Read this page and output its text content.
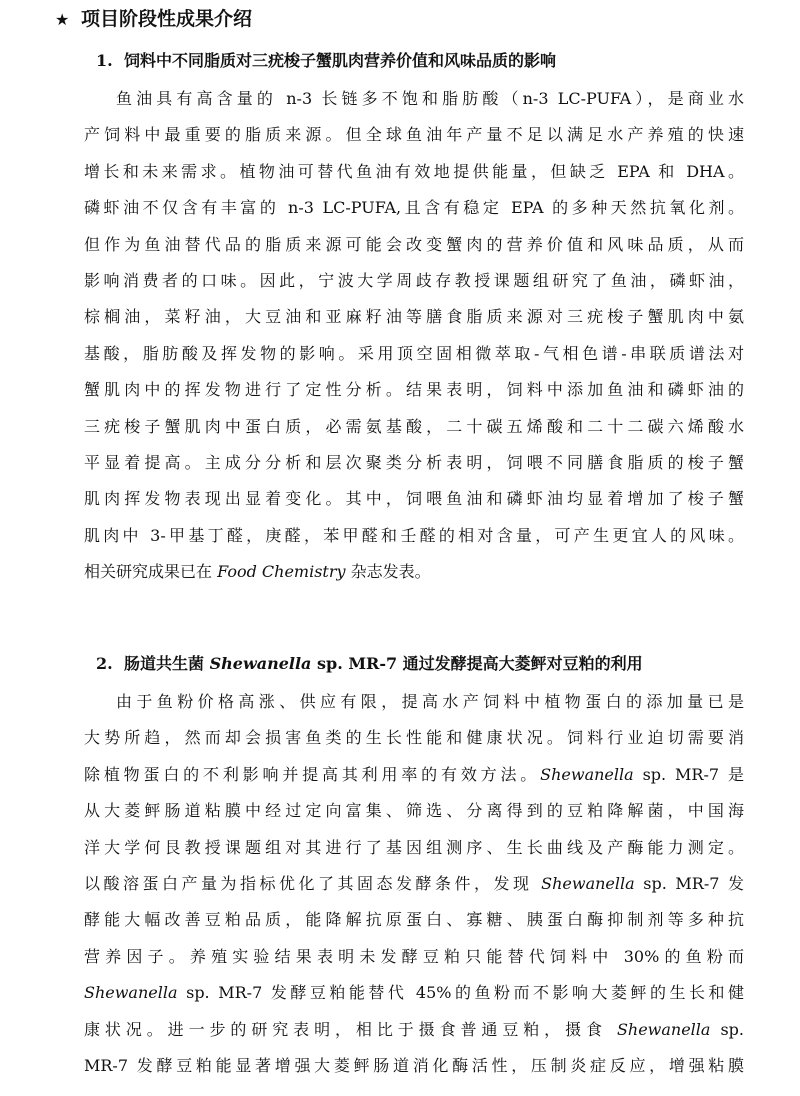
★ 项目阶段性成果介绍
1. 饲料中不同脂质对三疣梭子蟹肌肉营养价值和风味品质的影响
鱼油具有高含量的 n-3 长链多不饱和脂肪酸（n-3 LC-PUFA），是商业水
产饲料中最重要的脂质来源。但全球鱼油年产量不足以满足水产养殖的快速
增长和未来需求。植物油可替代鱼油有效地提供能量，但缺乏 EPA 和 DHA。
磷虾油不仅含有丰富的 n-3 LC-PUFA,且含有稳定 EPA 的多种天然抗氧化剂。
但作为鱼油替代品的脂质来源可能会改变蟹肉的营养价值和风味品质，从而
影响消费者的口味。因此，宁波大学周歧存教授课题组研究了鱼油，磷虾油，
棕榈油，菜籽油，大豆油和亚麻籽油等膳食脂质来源对三疣梭子蟹肌肉中氨
基酸，脂肪酸及挥发物的影响。采用顶空固相微萃取-气相色谱-串联质谱法对
蟹肌肉中的挥发物进行了定性分析。结果表明，饲料中添加鱼油和磷虾油的
三疣梭子蟹肌肉中蛋白质，必需氨基酸，二十碳五烯酸和二十二碳六烯酸水
平显着提高。主成分分析和层次聚类分析表明，饲喂不同膳食脂质的梭子蟹
肌肉挥发物表现出显着变化。其中，饲喂鱼油和磷虾油均显着增加了梭子蟹
肌肉中 3-甲基丁醛，庚醛，苯甲醛和壬醛的相对含量，可产生更宜人的风味。
相关研究成果已在 Food Chemistry 杂志发表。
2. 肠道共生菌 Shewanella sp. MR-7 通过发酵提高大菱鲆对豆粕的利用
由于鱼粉价格高涨、供应有限，提高水产饲料中植物蛋白的添加量已是
大势所趋，然而却会损害鱼类的生长性能和健康状况。饲料行业迫切需要消
除植物蛋白的不利影响并提高其利用率的有效方法。Shewanella sp. MR-7 是
从大菱鲆肠道粘膜中经过定向富集、筛选、分离得到的豆粕降解菌，中国海
洋大学何艮教授课题组对其进行了基因组测序、生长曲线及产酶能力测定。
以酸溶蛋白产量为指标优化了其固态发酵条件，发现 Shewanella sp. MR-7 发
酵能大幅改善豆粕品质，能降解抗原蛋白、寡糖、胰蛋白酶抑制剂等多种抗
营养因子。养殖实验结果表明未发酵豆粕只能替代饲料中 30%的鱼粉而
Shewanella sp. MR-7 发酵豆粕能替代 45%的鱼粉而不影响大菱鲆的生长和健
康状况。进一步的研究表明，相比于摄食普通豆粕，摄食 Shewanella sp.
MR-7 发酵豆粕能显著增强大菱鲆肠道消化酶活性，压制炎症反应，增强粘膜
